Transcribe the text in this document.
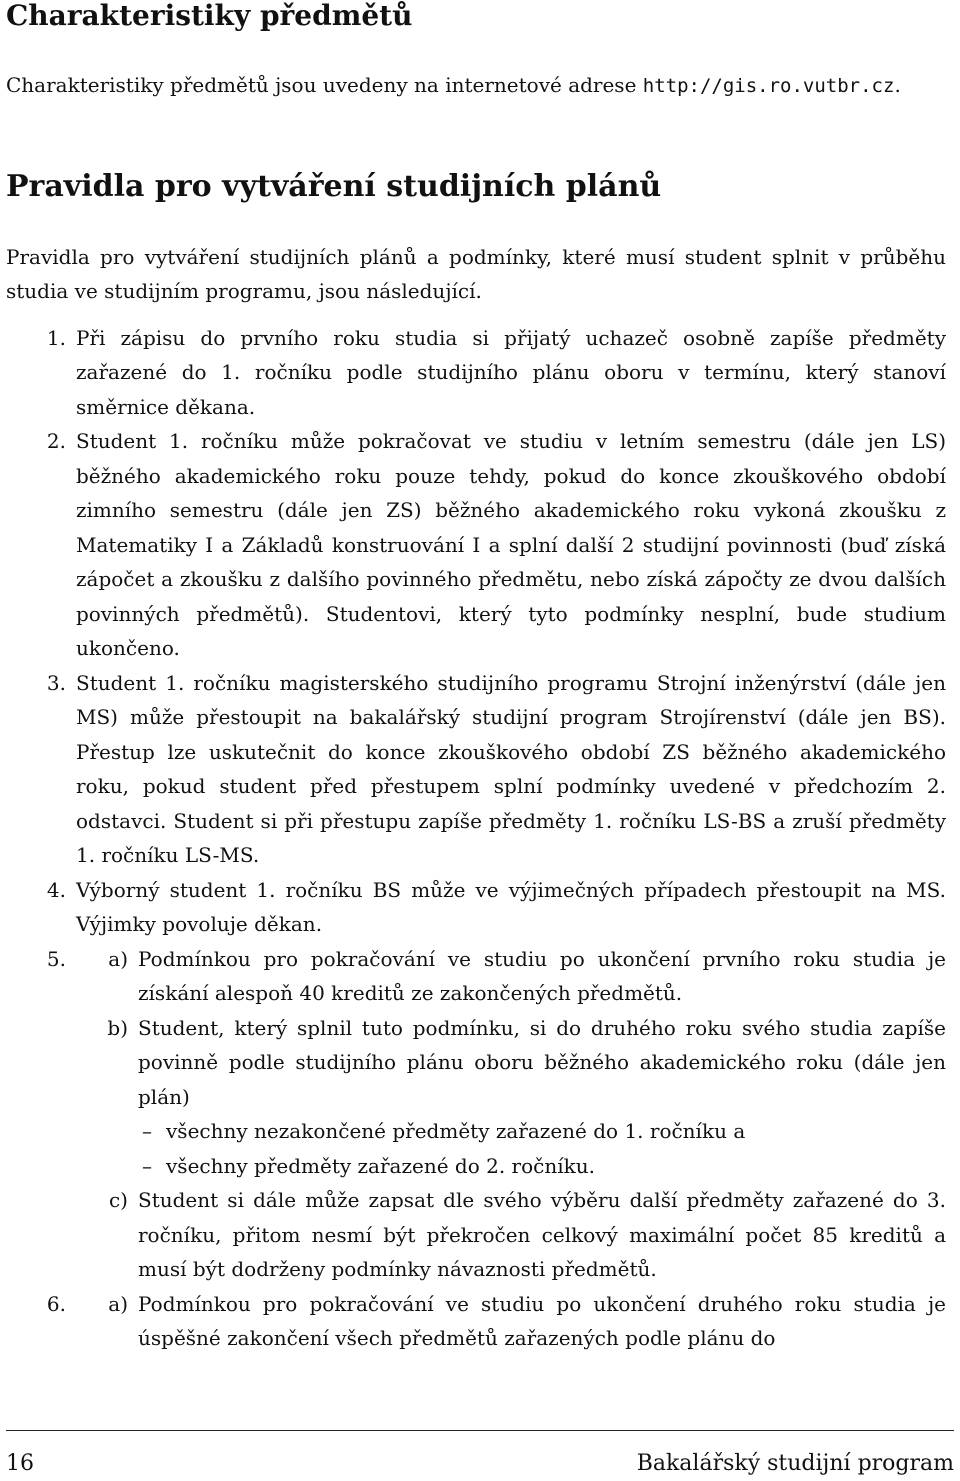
Charakteristiky předmětů

Charakteristiky předmětů jsou uvedeny na internetové adrese http://gis.ro.vutbr.cz.

Pravidla pro vytváření studijních plánů

Pravidla pro vytváření studijních plánů a podmínky, které musí student splnit v průběhu studia ve studijním programu, jsou následující.

1. Při zápisu do prvního roku studia si přijatý uchazeč osobně zapíše předměty zařazené do 1. ročníku podle studijního plánu oboru v termínu, který stanoví směrnice děkana.
2. Student 1. ročníku může pokračovat ve studiu v letním semestru (dále jen LS) běžného akademického roku pouze tehdy, pokud do konce zkouškového období zimního semestru (dále jen ZS) běžného akademického roku vykoná zkoušku z Matematiky I a Základů konstruování I a splní další 2 studijní povinnosti (buď získá zápočet a zkoušku z dalšího povinného předmětu, nebo získá zápočty ze dvou dalších povinných předmětů). Studentovi, který tyto podmínky nesplní, bude studium ukončeno.
3. Student 1. ročníku magisterského studijního programu Strojní inženýrství (dále jen MS) může přestoupit na bakalářský studijní program Strojírenství (dále jen BS). Přestup lze uskutečnit do konce zkouškového období ZS běžného akademického roku, pokud student před přestupem splní podmínky uvedené v předchozím 2. odstavci. Student si při přestupu zapíše předměty 1. ročníku LS-BS a zruší předměty 1. ročníku LS-MS.
4. Výborný student 1. ročníku BS může ve výjimečných případech přestoupit na MS. Výjimky povoluje děkan.
5.	a) Podmínkou pro pokračování ve studiu po ukončení prvního roku studia je získání alespoň 40 kreditů ze zakončených předmětů.
b) Student, který splnil tuto podmínku, si do druhého roku svého studia zapíše povinně podle studijního plánu oboru běžného akademického roku (dále jen plán)
– všechny nezakončené předměty zařazené do 1. ročníku a
– všechny předměty zařazené do 2. ročníku.
c) Student si dále může zapsat dle svého výběru další předměty zařazené do 3. ročníku, přitom nesmí být překročen celkový maximální počet 85 kreditů a musí být dodrženy podmínky návaznosti předmětů.
6.	a) Podmínkou pro pokračování ve studiu po ukončení druhého roku studia je úspěšné zakončení všech předmětů zařazených podle plánu do
16	Bakalářský studijní program
